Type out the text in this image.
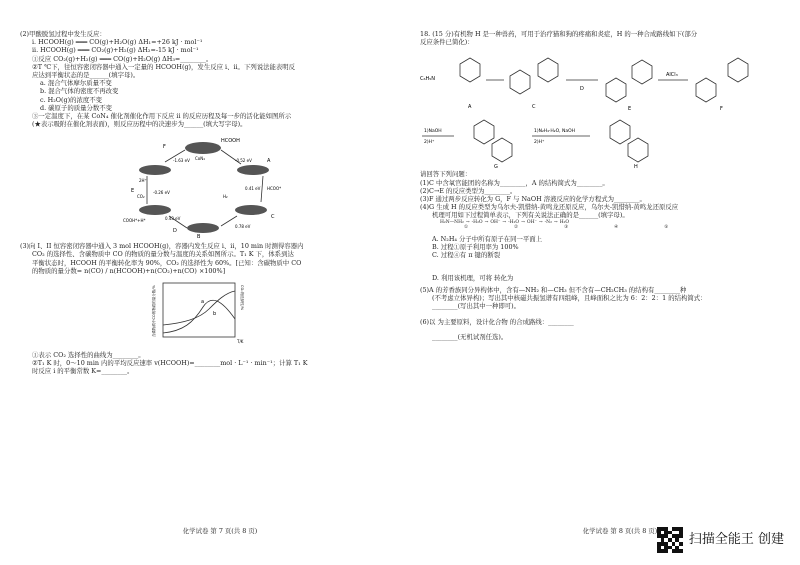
(2)甲酸脱氢过程中发生反应：
i. HCOOH(g) ═══ CO(g)+H₂O(g) ΔH₁=+26 kJ · mol⁻¹
ii. HCOOH(g) ═══ CO₂(g)+H₂(g) ΔH₂=-15 kJ · mol⁻¹
①反应 CO₂(g)+H₂(g) ═══ CO(g)+H₂O(g) ΔH₃=________。
②T ℃下，往恒容密闭容器中通入一定量的 HCOOH(g)，发生反应 i、ii。下列说法能表明反
应达到平衡状态的是______(填字母)。
a. 混合气体摩尔质量不变
b. 混合气体的密度不再改变
c. H₂O(g)的浓度不变
d. 碳原子的质量分数不变
③一定温度下，在某 CoN₄ 催化剂催化作用下反应 ii 的反应历程及每一步的活化能如图所示
(★表示吸附在催化剂表面)，则反应历程中的决速步为______(填大写字母)。
HCOOH
A
B
C
D
E
F
-1.63 eV	-0.52 eV
0.41 eV
-0.26 eV
0.43 eV
0.78 eV
HCOO*
COOH*+H*
CO₂
2H⁺
CoN₄
H₂
(3)向 I、II 恒容密闭容器中通入 3 mol HCOOH(g)，容器内发生反应 i、ii，10 min 时测得容器内
CO₂ 的选择性、含碳物质中 CO 的物质的量分数与温度的关系如图所示。T₁ K 下，体系到达
平衡状态时，HCOOH 的平衡转化率为 90%，CO₂ 的选择性为 60%。[已知：含碳物质中 CO
的物质的量分数= n(CO) / n(HCOOH)+n(CO₂)+n(CO) ×100%]
a
b
T/K
含碳物质中CO的物质的量分数/%	CO₂的选择性/%
①表示 CO₂ 选择性的曲线为________。
②T₁ K 时，0～10 min 内的平均反应速率 v(HCOOH)=________mol · L⁻¹ · min⁻¹；计算 T₁ K
时反应 i 的平衡常数 K=________。
化学试卷 第 7 页(共 8 页)
18. (15 分)有机物 H 是一种兽药，可用于治疗猫和狗的疼痛和炎症，H 的一种合成路线如下(部分
反应条件已简化)：
C₆H₅N
A	C
D
AlCl₃
E	F
1)NaOH
2)H⁺
1)N₂H₄·H₂O, NaOH
2)H⁺
G	H
请回答下列问题：
(1)C 中含氧官能团的名称为________，A 的结构简式为________。
(2)C→E 的反应类型为________。
(3)F 通过两步反应转化为 G，F 与 NaOH 溶液反应的化学方程式为________。
(4)G 生成 H 的反应类型为乌尔夫-凯惜纳-黄鸣龙还原反应，乌尔夫-凯惜纳-黄鸣龙还原反应
机理可用如下过程简单表示，下列有关说法正确的是______(填字母)。
H₂N—NH₂ → -H₂O → OH⁻ → -H₂O → OH⁻ → -N₂ → H₂O
①	②	③	④	⑤
A. N₂H₄ 分子中所有原子在同一平面上
B. 过程①原子利用率为 100%
C. 过程④有 π 键的断裂
D. 利用该机理，可将 转化为
(5)A 的芳香族同分异构体中，含有—NH₂ 和—CH₃ 但不含有—CH₂CH₃ 的结构有________种
(不考虑立体异构)；写出其中核磁共振氢谱有四组峰，且峰面积之比为 6：2：2：1 的结构简式：
________(写出其中一种即可)。
(6)以 为主要原料，设计化合物 的合成路线：________
________(无机试剂任选)。
化学试卷 第 8 页(共 8 页)
扫描全能王 创建
